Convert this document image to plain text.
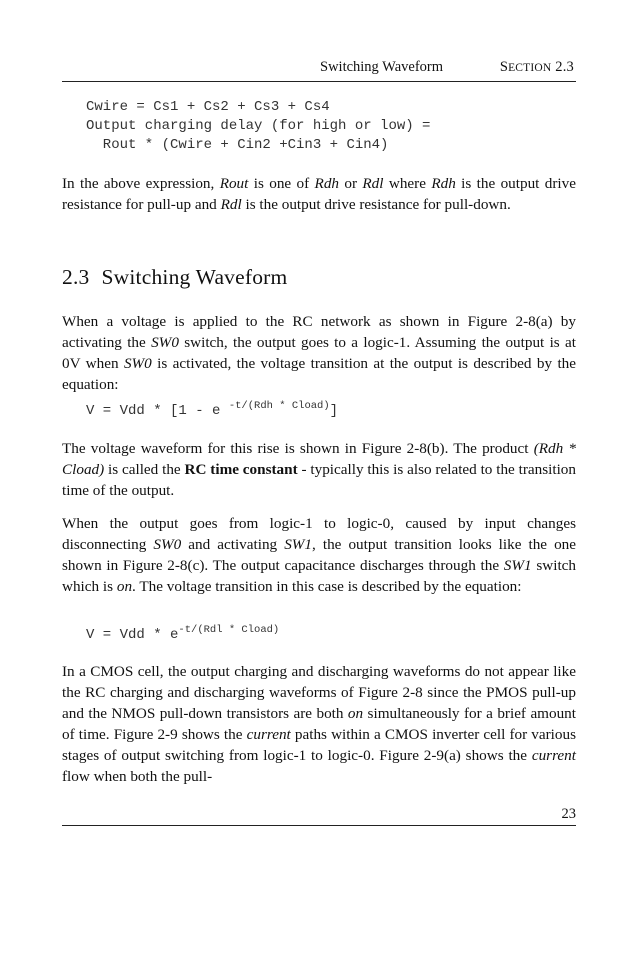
Switching Waveform	SECTION 2.3
Cwire = Cs1 + Cs2 + Cs3 + Cs4
Output charging delay (for high or low) =
Rout * (Cwire + Cin2 +Cin3 + Cin4)

In the above expression, Rout is one of Rdh or Rdl where Rdh is the output drive resistance for pull-up and Rdl is the output drive resistance for pull-down.

2.3 Switching Waveform

When a voltage is applied to the RC network as shown in Figure 2-8(a) by activating the SW0 switch, the output goes to a logic-1. Assuming the output is at 0V when SW0 is activated, the voltage transition at the output is described by the equation:

V = Vdd * [1 - e $^{-t/(Rdh * Cload)}$]

The voltage waveform for this rise is shown in Figure 2-8(b). The product (Rdh * Cload) is called the RC time constant - typically this is also related to the transition time of the output.

When the output goes from logic-1 to logic-0, caused by input changes disconnecting SW0 and activating SW1, the output transition looks like the one shown in Figure 2-8(c). The output capacitance discharges through the SW1 switch which is on. The voltage transition in this case is described by the equation:

V = Vdd * $e^{-t/(Rdl * Cload)}$

In a CMOS cell, the output charging and discharging waveforms do not appear like the RC charging and discharging waveforms of Figure 2-8 since the PMOS pull-up and the NMOS pull-down transistors are both on simultaneously for a brief amount of time. Figure 2-9 shows the current paths within a CMOS inverter cell for various stages of output switching from logic-1 to logic-0. Figure 2-9(a) shows the current flow when both the pull-

23
